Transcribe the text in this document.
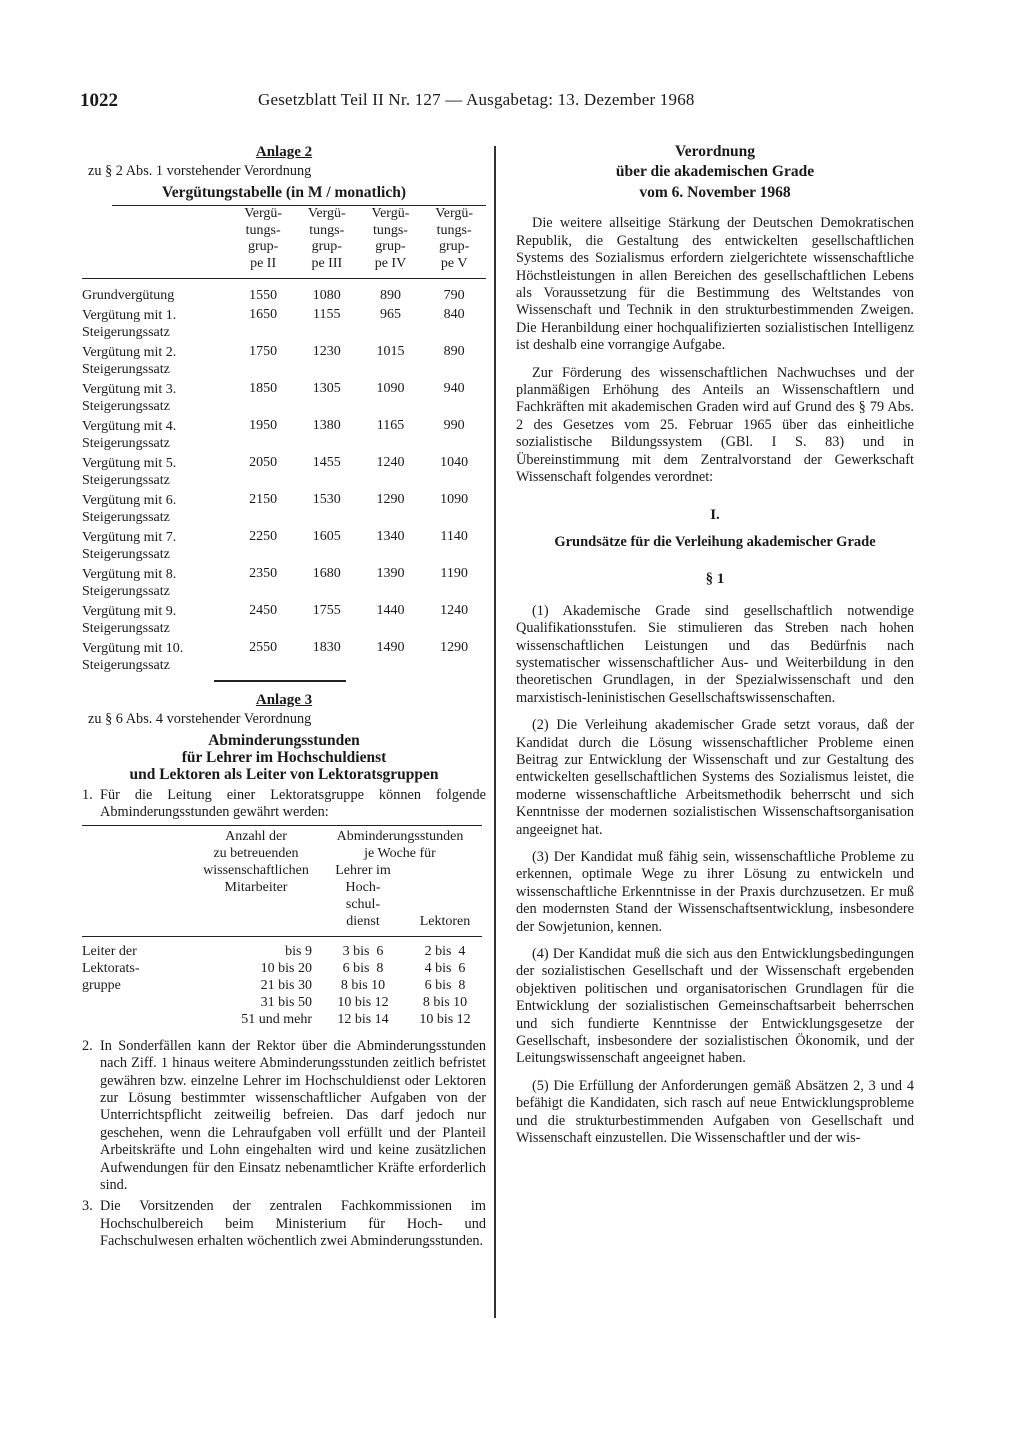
1022	Gesetzblatt Teil II Nr. 127 — Ausgabetag: 13. Dezember 1968
Anlage 2
zu § 2 Abs. 1 vorstehender Verordnung
Vergütungstabelle (in M / monatlich)
	Vergü-
tungs-
grup-
pe II	Vergü-
tungs-
grup-
pe III	Vergü-
tungs-
grup-
pe IV	Vergü-
tungs-
grup-
pe V
Grundvergütung	1550	1080	890	790
Vergütung mit 1.
Steigerungssatz	1650	1155	965	840
Vergütung mit 2.
Steigerungssatz	1750	1230	1015	890
Vergütung mit 3.
Steigerungssatz	1850	1305	1090	940
Vergütung mit 4.
Steigerungssatz	1950	1380	1165	990
Vergütung mit 5.
Steigerungssatz	2050	1455	1240	1040
Vergütung mit 6.
Steigerungssatz	2150	1530	1290	1090
Vergütung mit 7.
Steigerungssatz	2250	1605	1340	1140
Vergütung mit 8.
Steigerungssatz	2350	1680	1390	1190
Vergütung mit 9.
Steigerungssatz	2450	1755	1440	1240
Vergütung mit 10.
Steigerungssatz	2550	1830	1490	1290
Anlage 3
zu § 6 Abs. 4 vorstehender Verordnung
Abminderungsstunden
für Lehrer im Hochschuldienst
und Lektoren als Leiter von Lektoratsgruppen
1. Für die Leitung einer Lektoratsgruppe können folgende Abminderungsstunden gewährt werden:
	Anzahl der
zu betreuenden
wissenschaftlichen
Mitarbeiter	Abminderungsstunden
je Woche für	
		Lehrer im
Hoch-
schul-
dienst	Lektoren
Leiter der
Lektorats-
gruppe	bis 9	3 bis  6	2 bis  4
	10 bis 20	6 bis  8	4 bis  6
	21 bis 30	8 bis 10	6 bis  8
	31 bis 50	10 bis 12	8 bis 10
	51 und mehr	12 bis 14	10 bis 12
2. In Sonderfällen kann der Rektor über die Abminderungsstunden nach Ziff. 1 hinaus weitere Abminderungsstunden zeitlich befristet gewähren bzw. einzelne Lehrer im Hochschuldienst oder Lektoren zur Lösung bestimmter wissenschaftlicher Aufgaben von der Unterrichtspflicht zeitweilig befreien. Das darf jedoch nur geschehen, wenn die Lehraufgaben voll erfüllt und der Planteil Arbeitskräfte und Lohn eingehalten wird und keine zusätzlichen Aufwendungen für den Einsatz nebenamtlicher Kräfte erforderlich sind.
3. Die Vorsitzenden der zentralen Fachkommissionen im Hochschulbereich beim Ministerium für Hoch- und Fachschulwesen erhalten wöchentlich zwei Abminderungsstunden.
Verordnung
über die akademischen Grade
vom 6. November 1968

Die weitere allseitige Stärkung der Deutschen Demokratischen Republik, die Gestaltung des entwickelten gesellschaftlichen Systems des Sozialismus erfordern zielgerichtete wissenschaftliche Höchstleistungen in allen Bereichen des gesellschaftlichen Lebens als Voraussetzung für die Bestimmung des Weltstandes von Wissenschaft und Technik in den strukturbestimmenden Zweigen. Die Heranbildung einer hochqualifizierten sozialistischen Intelligenz ist deshalb eine vorrangige Aufgabe.

Zur Förderung des wissenschaftlichen Nachwuchses und der planmäßigen Erhöhung des Anteils an Wissenschaftlern und Fachkräften mit akademischen Graden wird auf Grund des § 79 Abs. 2 des Gesetzes vom 25. Februar 1965 über das einheitliche sozialistische Bildungssystem (GBl. I S. 83) und in Übereinstimmung mit dem Zentralvorstand der Gewerkschaft Wissenschaft folgendes verordnet:

I.
Grundsätze für die Verleihung akademischer Grade
§ 1

(1) Akademische Grade sind gesellschaftlich notwendige Qualifikationsstufen. Sie stimulieren das Streben nach hohen wissenschaftlichen Leistungen und das Bedürfnis nach systematischer wissenschaftlicher Aus- und Weiterbildung in den theoretischen Grundlagen, in der Spezialwissenschaft und den marxistisch-leninistischen Gesellschaftswissenschaften.

(2) Die Verleihung akademischer Grade setzt voraus, daß der Kandidat durch die Lösung wissenschaftlicher Probleme einen Beitrag zur Entwicklung der Wissenschaft und zur Gestaltung des entwickelten gesellschaftlichen Systems des Sozialismus leistet, die moderne wissenschaftliche Arbeitsmethodik beherrscht und sich Kenntnisse der modernen sozialistischen Wissenschaftsorganisation angeeignet hat.

(3) Der Kandidat muß fähig sein, wissenschaftliche Probleme zu erkennen, optimale Wege zu ihrer Lösung zu entwickeln und wissenschaftliche Erkenntnisse in der Praxis durchzusetzen. Er muß den modernsten Stand der Wissenschaftsentwicklung, insbesondere der Sowjetunion, kennen.

(4) Der Kandidat muß die sich aus den Entwicklungsbedingungen der sozialistischen Gesellschaft und der Wissenschaft ergebenden objektiven politischen und organisatorischen Grundlagen für die Entwicklung der sozialistischen Gemeinschaftsarbeit beherrschen und sich fundierte Kenntnisse der Entwicklungsgesetze der Gesellschaft, insbesondere der sozialistischen Ökonomik, und der Leitungswissenschaft angeeignet haben.

(5) Die Erfüllung der Anforderungen gemäß Absätzen 2, 3 und 4 befähigt die Kandidaten, sich rasch auf neue Entwicklungsprobleme und die strukturbestimmenden Aufgaben von Gesellschaft und Wissenschaft einzustellen. Die Wissenschaftler und der wis-
